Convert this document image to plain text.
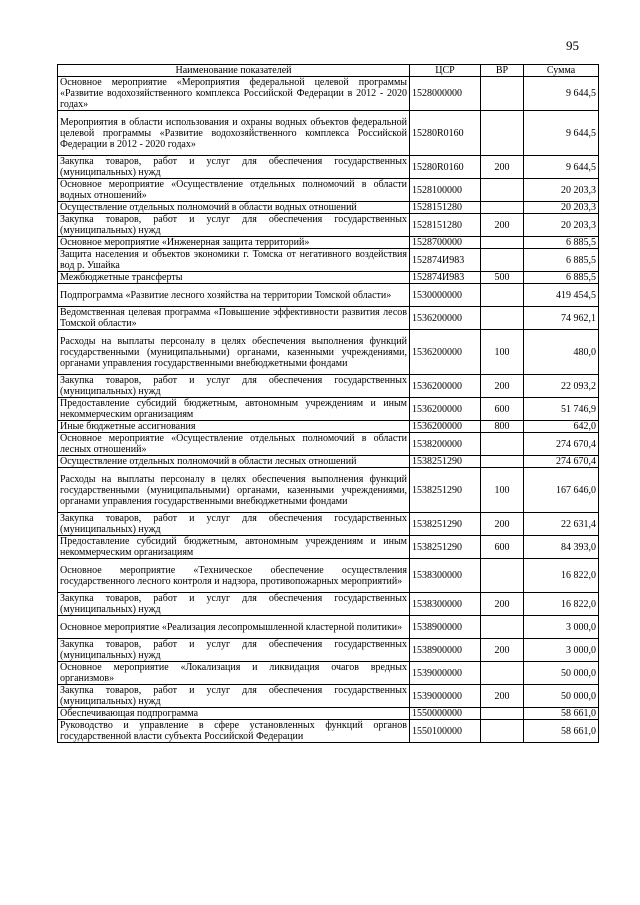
95
Наименование показателей	ЦСР	ВР	Сумма
Основное мероприятие «Мероприятия федеральной целевой программы «Развитие водохозяйственного комплекса Российской Федерации в 2012 - 2020 годах»	1528000000		9 644,5
Мероприятия в области использования и охраны водных объектов федеральной целевой программы «Развитие водохозяйственного комплекса Российской Федерации в 2012 - 2020 годах»	15280R0160		9 644,5
Закупка товаров, работ и услуг для обеспечения государственных (муниципальных) нужд	15280R0160	200	9 644,5
Основное мероприятие «Осуществление отдельных полномочий в области водных отношений»	1528100000		20 203,3
Осуществление отдельных полномочий в области водных отношений	1528151280		20 203,3
Закупка товаров, работ и услуг для обеспечения государственных (муниципальных) нужд	1528151280	200	20 203,3
Основное мероприятие «Инженерная защита территорий»	1528700000		6 885,5
Защита населения и объектов экономики г. Томска от негативного воздействия вод р. Ушайка	152874И983		6 885,5
Межбюджетные трансферты	152874И983	500	6 885,5
Подпрограмма «Развитие лесного хозяйства на территории Томской области»	1530000000		419 454,5
Ведомственная целевая программа «Повышение эффективности развития лесов Томской области»	1536200000		74 962,1
Расходы на выплаты персоналу в целях обеспечения выполнения функций государственными (муниципальными) органами, казенными учреждениями, органами управления государственными внебюджетными фондами	1536200000	100	480,0
Закупка товаров, работ и услуг для обеспечения государственных (муниципальных) нужд	1536200000	200	22 093,2
Предоставление субсидий бюджетным, автономным учреждениям и иным некоммерческим организациям	1536200000	600	51 746,9
Иные бюджетные ассигнования	1536200000	800	642,0
Основное мероприятие «Осуществление отдельных полномочий в области лесных отношений»	1538200000		274 670,4
Осуществление отдельных полномочий в области лесных отношений	1538251290		274 670,4
Расходы на выплаты персоналу в целях обеспечения выполнения функций государственными (муниципальными) органами, казенными учреждениями, органами управления государственными внебюджетными фондами	1538251290	100	167 646,0
Закупка товаров, работ и услуг для обеспечения государственных (муниципальных) нужд	1538251290	200	22 631,4
Предоставление субсидий бюджетным, автономным учреждениям и иным некоммерческим организациям	1538251290	600	84 393,0
Основное мероприятие «Техническое обеспечение осуществления государственного лесного контроля и надзора, противопожарных мероприятий»	1538300000		16 822,0
Закупка товаров, работ и услуг для обеспечения государственных (муниципальных) нужд	1538300000	200	16 822,0
Основное мероприятие «Реализация лесопромышленной кластерной политики»	1538900000		3 000,0
Закупка товаров, работ и услуг для обеспечения государственных (муниципальных) нужд	1538900000	200	3 000,0
Основное мероприятие «Локализация и ликвидация очагов вредных организмов»	1539000000		50 000,0
Закупка товаров, работ и услуг для обеспечения государственных (муниципальных) нужд	1539000000	200	50 000,0
Обеспечивающая подпрограмма	1550000000		58 661,0
Руководство и управление в сфере установленных функций органов государственной власти субъекта Российской Федерации	1550100000		58 661,0
